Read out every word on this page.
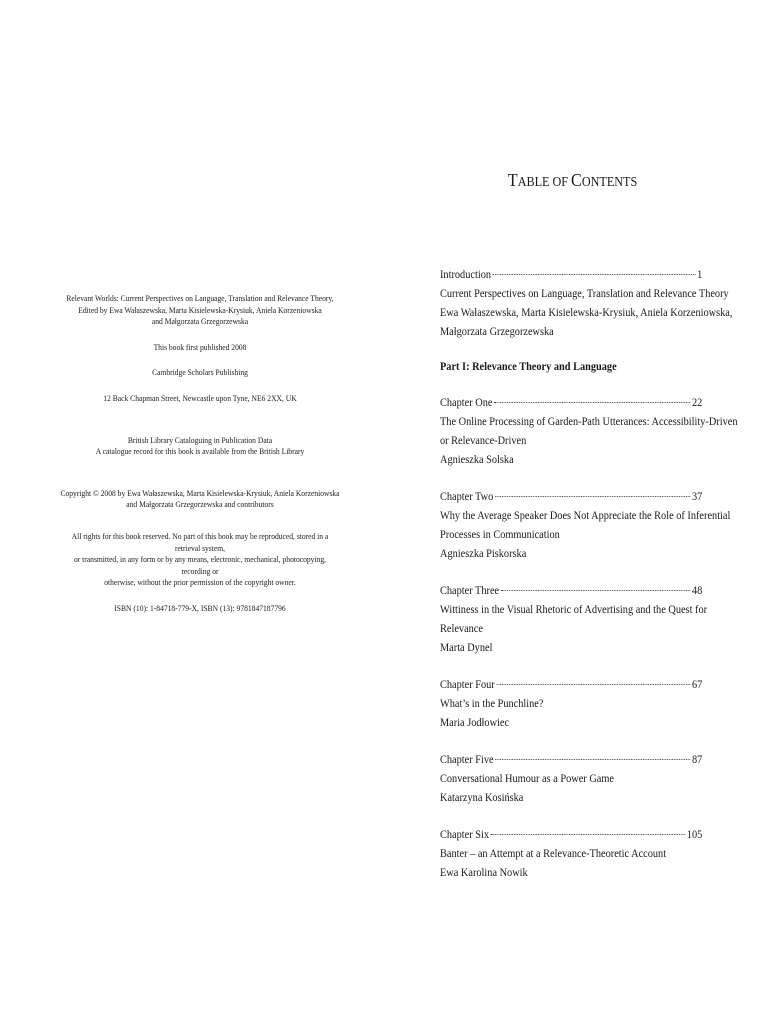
Relevant Worlds: Current Perspectives on Language, Translation and Relevance Theory,

Edited by Ewa Wałaszewska, Marta Kisielewska-Krysiuk, Aniela Korzeniowska

and Małgorzata Grzegorzewska

This book first published 2008

Cambridge Scholars Publishing

12 Back Chapman Street, Newcastle upon Tyne, NE6 2XX, UK

British Library Cataloguing in Publication Data

A catalogue record for this book is available from the British Library

Copyright © 2008 by Ewa Wałaszewska, Marta Kisielewska-Krysiuk, Aniela Korzeniowska

and Małgorzata Grzegorzewska and contributors

All rights for this book reserved. No part of this book may be reproduced, stored in a retrieval system,

or transmitted, in any form or by any means, electronic, mechanical, photocopying, recording or

otherwise, without the prior permission of the copyright owner.

ISBN (10): 1-84718-779-X, ISBN (13): 9781847187796

TABLE OF CONTENTS
Introduction	1
Current Perspectives on Language, Translation and Relevance Theory
Ewa Wałaszewska, Marta Kisielewska-Krysiuk, Aniela Korzeniowska,
Małgorzata Grzegorzewska
Part I: Relevance Theory and Language
Chapter One	22
The Online Processing of Garden-Path Utterances: Accessibility-Driven
or Relevance-Driven
Agnieszka Solska
Chapter Two	37
Why the Average Speaker Does Not Appreciate the Role of Inferential
Processes in Communication
Agnieszka Piskorska
Chapter Three	48
Wittiness in the Visual Rhetoric of Advertising and the Quest for
Relevance
Marta Dynel
Chapter Four	67
What’s in the Punchline?
Maria Jodłowiec
Chapter Five	87
Conversational Humour as a Power Game
Katarzyna Kosińska
Chapter Six	105
Banter – an Attempt at a Relevance-Theoretic Account
Ewa Karolina Nowik
